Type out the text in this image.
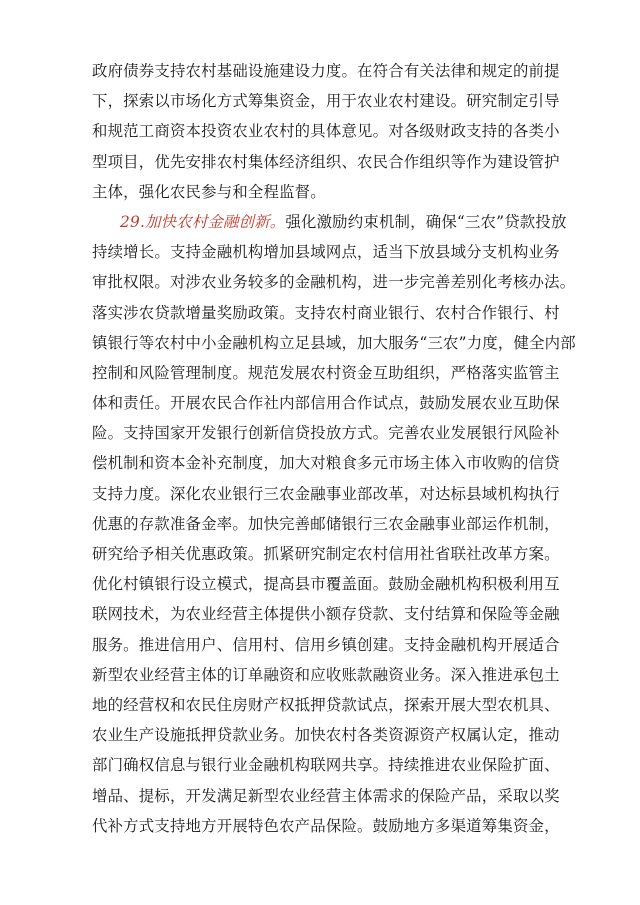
政府债券支持农村基础设施建设力度。在符合有关法律和规定的前提
下，探索以市场化方式筹集资金，用于农业农村建设。研究制定引导
和规范工商资本投资农业农村的具体意见。对各级财政支持的各类小
型项目，优先安排农村集体经济组织、农民合作组织等作为建设管护
主体，强化农民参与和全程监督。
29.加快农村金融创新。强化激励约束机制，确保“三农”贷款投放
持续增长。支持金融机构增加县域网点，适当下放县域分支机构业务
审批权限。对涉农业务较多的金融机构，进一步完善差别化考核办法。
落实涉农贷款增量奖励政策。支持农村商业银行、农村合作银行、村
镇银行等农村中小金融机构立足县域，加大服务“三农”力度，健全内部
控制和风险管理制度。规范发展农村资金互助组织，严格落实监管主
体和责任。开展农民合作社内部信用合作试点，鼓励发展农业互助保
险。支持国家开发银行创新信贷投放方式。完善农业发展银行风险补
偿机制和资本金补充制度，加大对粮食多元市场主体入市收购的信贷
支持力度。深化农业银行三农金融事业部改革，对达标县域机构执行
优惠的存款准备金率。加快完善邮储银行三农金融事业部运作机制，
研究给予相关优惠政策。抓紧研究制定农村信用社省联社改革方案。
优化村镇银行设立模式，提高县市覆盖面。鼓励金融机构积极利用互
联网技术，为农业经营主体提供小额存贷款、支付结算和保险等金融
服务。推进信用户、信用村、信用乡镇创建。支持金融机构开展适合
新型农业经营主体的订单融资和应收账款融资业务。深入推进承包土
地的经营权和农民住房财产权抵押贷款试点，探索开展大型农机具、
农业生产设施抵押贷款业务。加快农村各类资源资产权属认定，推动
部门确权信息与银行业金融机构联网共享。持续推进农业保险扩面、
增品、提标，开发满足新型农业经营主体需求的保险产品，采取以奖
代补方式支持地方开展特色农产品保险。鼓励地方多渠道筹集资金，
